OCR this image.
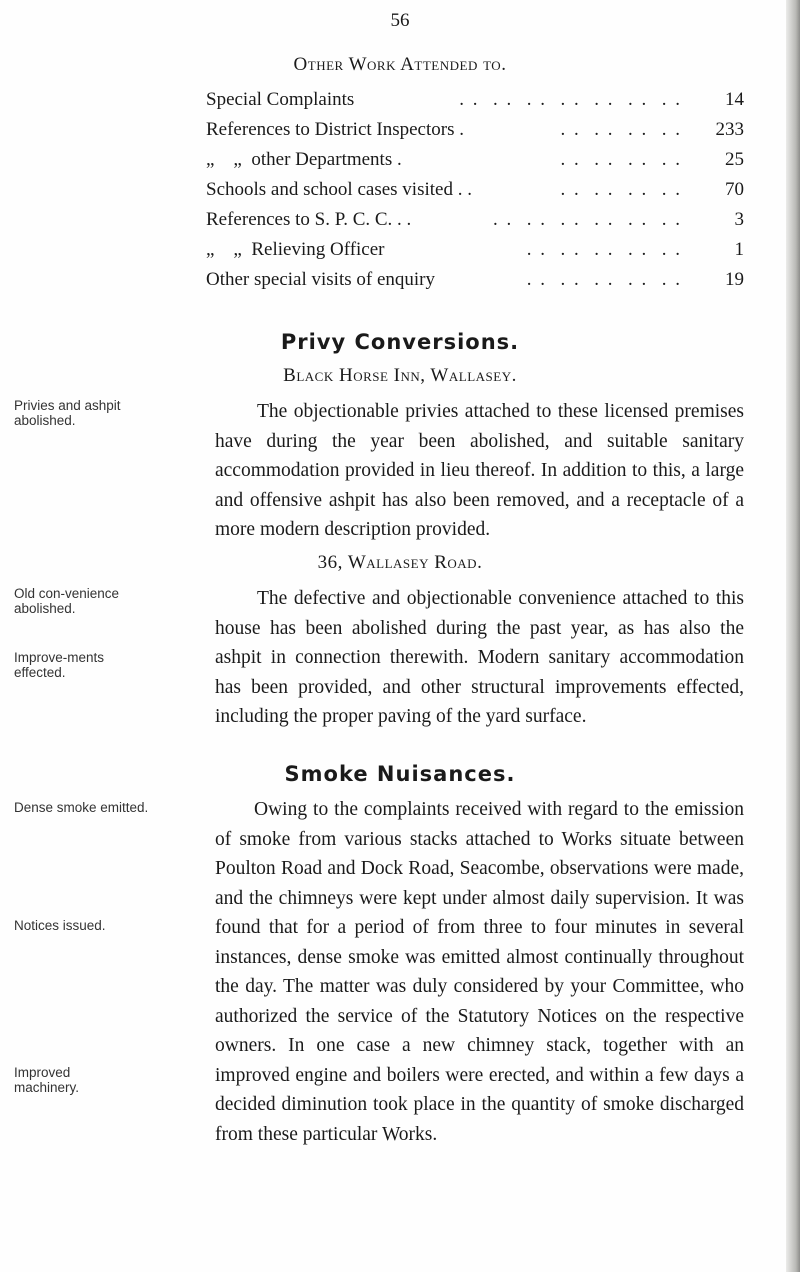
56
Other Work Attended to.
Special Complaints	. .  . .  . .  . .  . .  . .  . .	14
References to District Inspectors .	. .  . .  . .  . .	233
„    „  other Departments .	. .  . .  . .  . .	25
Schools and school cases visited . .	. .  . .  . .  . .	70
References to S. P. C. C. . .	. .  . .  . .  . .  . .  . .	3
„    „  Relieving Officer	. .  . .  . .  . .  . .	1
Other special visits of enquiry	. .  . .  . .  . .  . .	19
Privy Conversions.
Black Horse Inn, Wallasey.
Privies and ashpit abolished.	The objectionable privies attached to these licensed premises have during the year been abolished, and suitable sanitary accommodation provided in lieu thereof. In addition to this, a large and offensive ashpit has also been removed, and a receptacle of a more modern description provided.
36, Wallasey Road.
Old con-venience abolished.
Improve-ments effected.
The defective and objectionable convenience attached to this house has been abolished during the past year, as has also the ashpit in connection therewith. Modern sanitary accommodation has been provided, and other structural improvements effected, including the proper paving of the yard surface.
Smoke Nuisances.
Dense smoke emitted.
Notices issued.
Improved machinery.
Owing to the complaints received with regard to the emission of smoke from various stacks attached to Works situate between Poulton Road and Dock Road, Seacombe, observations were made, and the chimneys were kept under almost daily supervision. It was found that for a period of from three to four minutes in several instances, dense smoke was emitted almost continually throughout the day. The matter was duly considered by your Committee, who authorized the service of the Statutory Notices on the respective owners. In one case a new chimney stack, together with an improved engine and boilers were erected, and within a few days a decided diminution took place in the quantity of smoke discharged from these particular Works.
